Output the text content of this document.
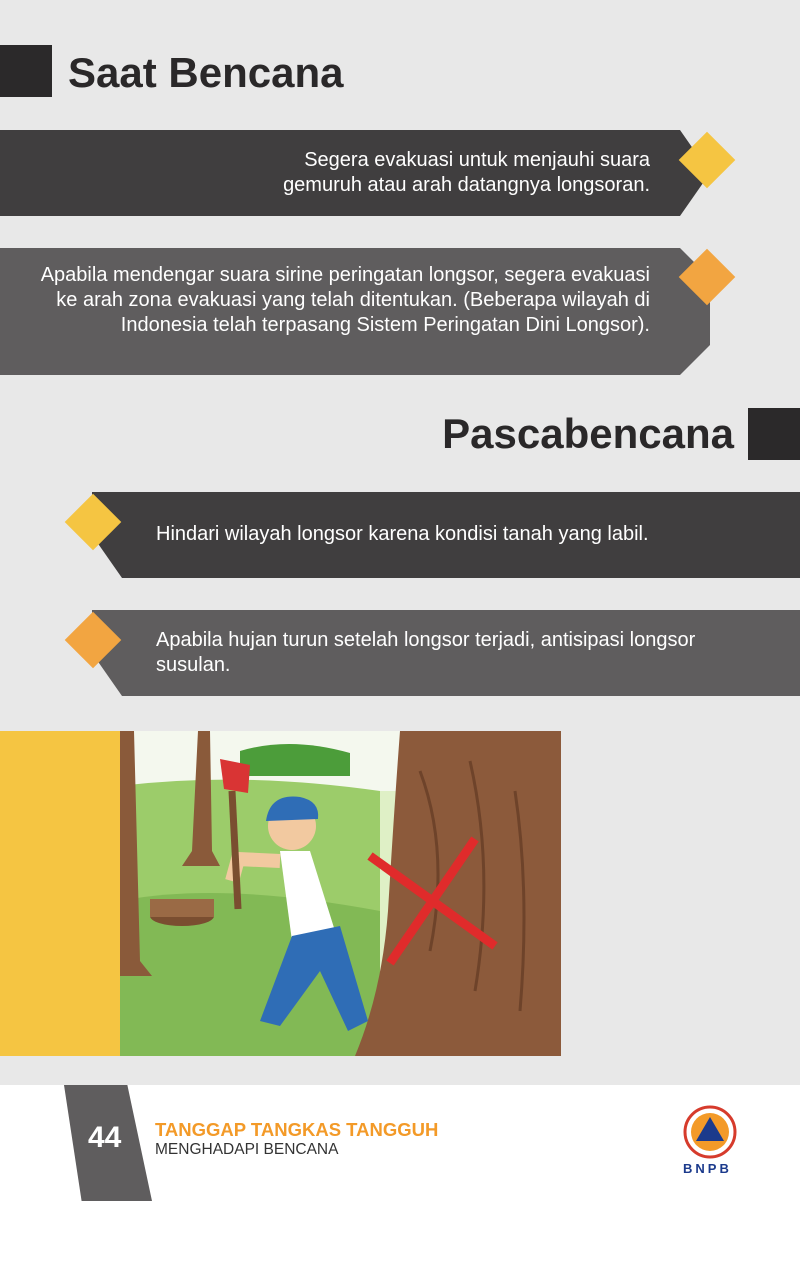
Saat Bencana
Segera evakuasi untuk menjauhi suara gemuruh atau arah datangnya longsoran.
Apabila mendengar suara sirine peringatan longsor, segera evakuasi ke arah zona evakuasi yang telah ditentukan. (Beberapa wilayah di Indonesia telah terpasang Sistem Peringatan Dini Longsor).
Pascabencana
Hindari wilayah longsor karena kondisi tanah yang labil.
Apabila hujan turun setelah longsor terjadi, antisipasi longsor susulan.
44 TANGGAP TANGKAS TANGGUH
MENGHADAPI BENCANA
BNPB
